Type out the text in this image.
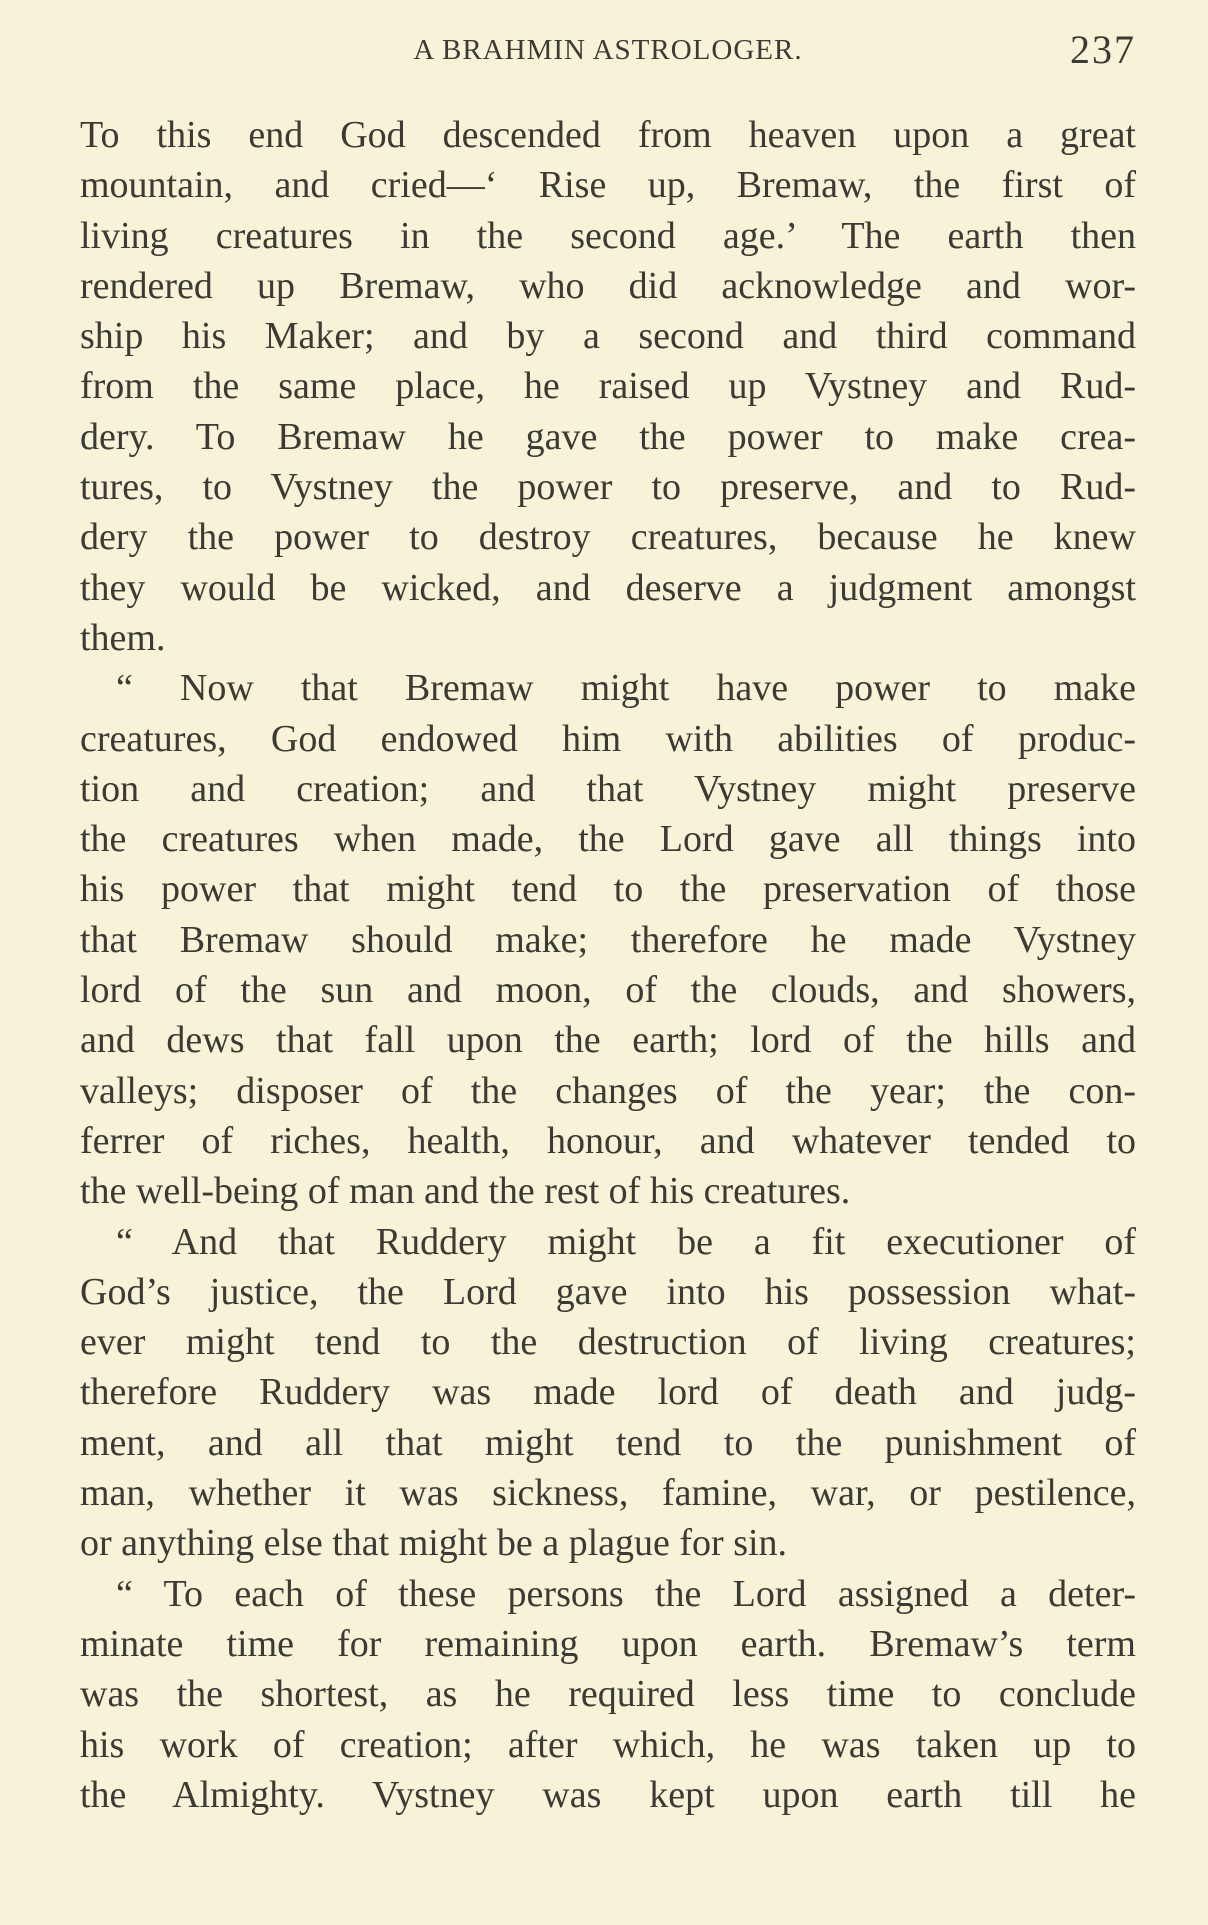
A BRAHMIN ASTROLOGER.	237
To this end God descended from heaven upon a great
mountain, and cried—‘ Rise up, Bremaw, the first of
living creatures in the second age.’ The earth then
rendered up Bremaw, who did acknowledge and wor-
ship his Maker; and by a second and third command
from the same place, he raised up Vystney and Rud-
dery. To Bremaw he gave the power to make crea-
tures, to Vystney the power to preserve, and to Rud-
dery the power to destroy creatures, because he knew
they would be wicked, and deserve a judgment amongst
them.
“ Now that Bremaw might have power to make
creatures, God endowed him with abilities of produc-
tion and creation; and that Vystney might preserve
the creatures when made, the Lord gave all things into
his power that might tend to the preservation of those
that Bremaw should make; therefore he made Vystney
lord of the sun and moon, of the clouds, and showers,
and dews that fall upon the earth; lord of the hills and
valleys; disposer of the changes of the year; the con-
ferrer of riches, health, honour, and whatever tended to
the well-being of man and the rest of his creatures.
“ And that Ruddery might be a fit executioner of
God’s justice, the Lord gave into his possession what-
ever might tend to the destruction of living creatures;
therefore Ruddery was made lord of death and judg-
ment, and all that might tend to the punishment of
man, whether it was sickness, famine, war, or pestilence,
or anything else that might be a plague for sin.
“ To each of these persons the Lord assigned a deter-
minate time for remaining upon earth. Bremaw’s term
was the shortest, as he required less time to conclude
his work of creation; after which, he was taken up to
the Almighty. Vystney was kept upon earth till he
